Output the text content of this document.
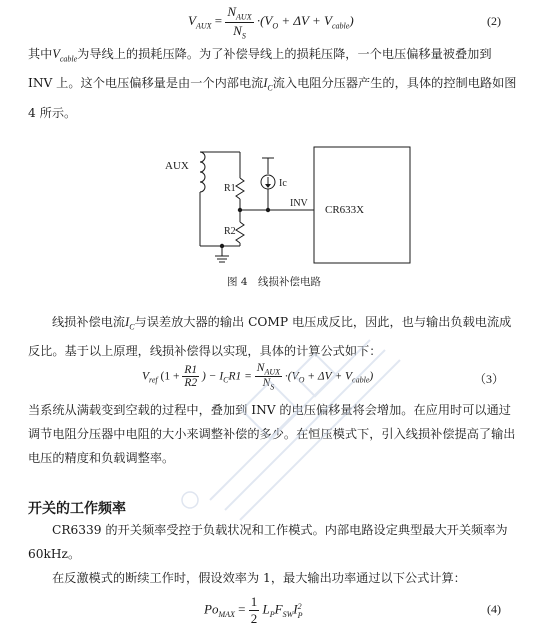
$V_{AUX} = \frac{N_{AUX}}{N_S} \cdot(V_O + \Delta V + V_{cable})$	(2)

其中$V_{cable}$为导线上的损耗压降。为了补偿导线上的损耗压降，一个电压偏移量被叠加到 INV 上。这个电压偏移量是由一个内部电流$I_C$流入电阻分压器产生的，具体的控制电路如图 4 所示。

AUX
R1
R2
Ic
INV
CR633X
图 4　线损补偿电路

线损补偿电流$I_C$与误差放大器的输出 COMP 电压成反比，因此，也与输出负载电流成反比。基于以上原理，线损补偿得以实现，具体的计算公式如下：

$V_{ref}$ ($1 + \frac{R1}{R2}$ ) − $I_CR1 = \frac{N_{AUX}}{N_S} \cdot(V_O + \Delta V + V_{cable})$	（3）

当系统从满载变到空载的过程中，叠加到 INV 的电压偏移量将会增加。在应用时可以通过调节电阻分压器中电阻的大小来调整补偿的多少。在恒压模式下，引入线损补偿提高了输出电压的精度和负载调整率。

开关的工作频率

CR6339 的开关频率受控于负载状况和工作模式。内部电路设定典型最大开关频率为 60kHz。

在反激模式的断续工作时，假设效率为 1，最大输出功率通过以下公式计算：

$Po_{MAX} = \frac{1}{2} L_PF_{SW}I$ 2
P	(4)
